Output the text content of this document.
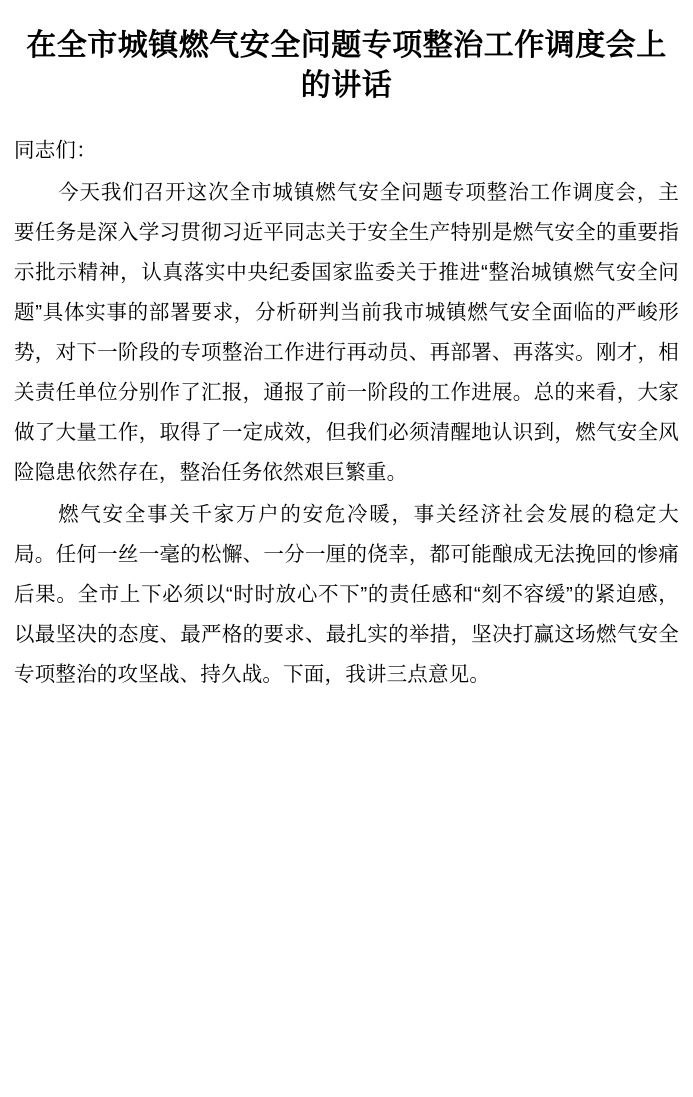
在全市城镇燃气安全问题专项整治工作调度会上的讲话

同志们：

今天我们召开这次全市城镇燃气安全问题专项整治工作调度会，主要任务是深入学习贯彻习近平同志关于安全生产特别是燃气安全的重要指示批示精神，认真落实中央纪委国家监委关于推进“整治城镇燃气安全问题”具体实事的部署要求，分析研判当前我市城镇燃气安全面临的严峻形势，对下一阶段的专项整治工作进行再动员、再部署、再落实。刚才，相关责任单位分别作了汇报，通报了前一阶段的工作进展。总的来看，大家做了大量工作，取得了一定成效，但我们必须清醒地认识到，燃气安全风险隐患依然存在，整治任务依然艰巨繁重。

燃气安全事关千家万户的安危冷暖，事关经济社会发展的稳定大局。任何一丝一毫的松懈、一分一厘的侥幸，都可能酿成无法挽回的惨痛后果。全市上下必须以“时时放心不下”的责任感和“刻不容缓”的紧迫感，以最坚决的态度、最严格的要求、最扎实的举措，坚决打赢这场燃气安全专项整治的攻坚战、持久战。下面，我讲三点意见。
